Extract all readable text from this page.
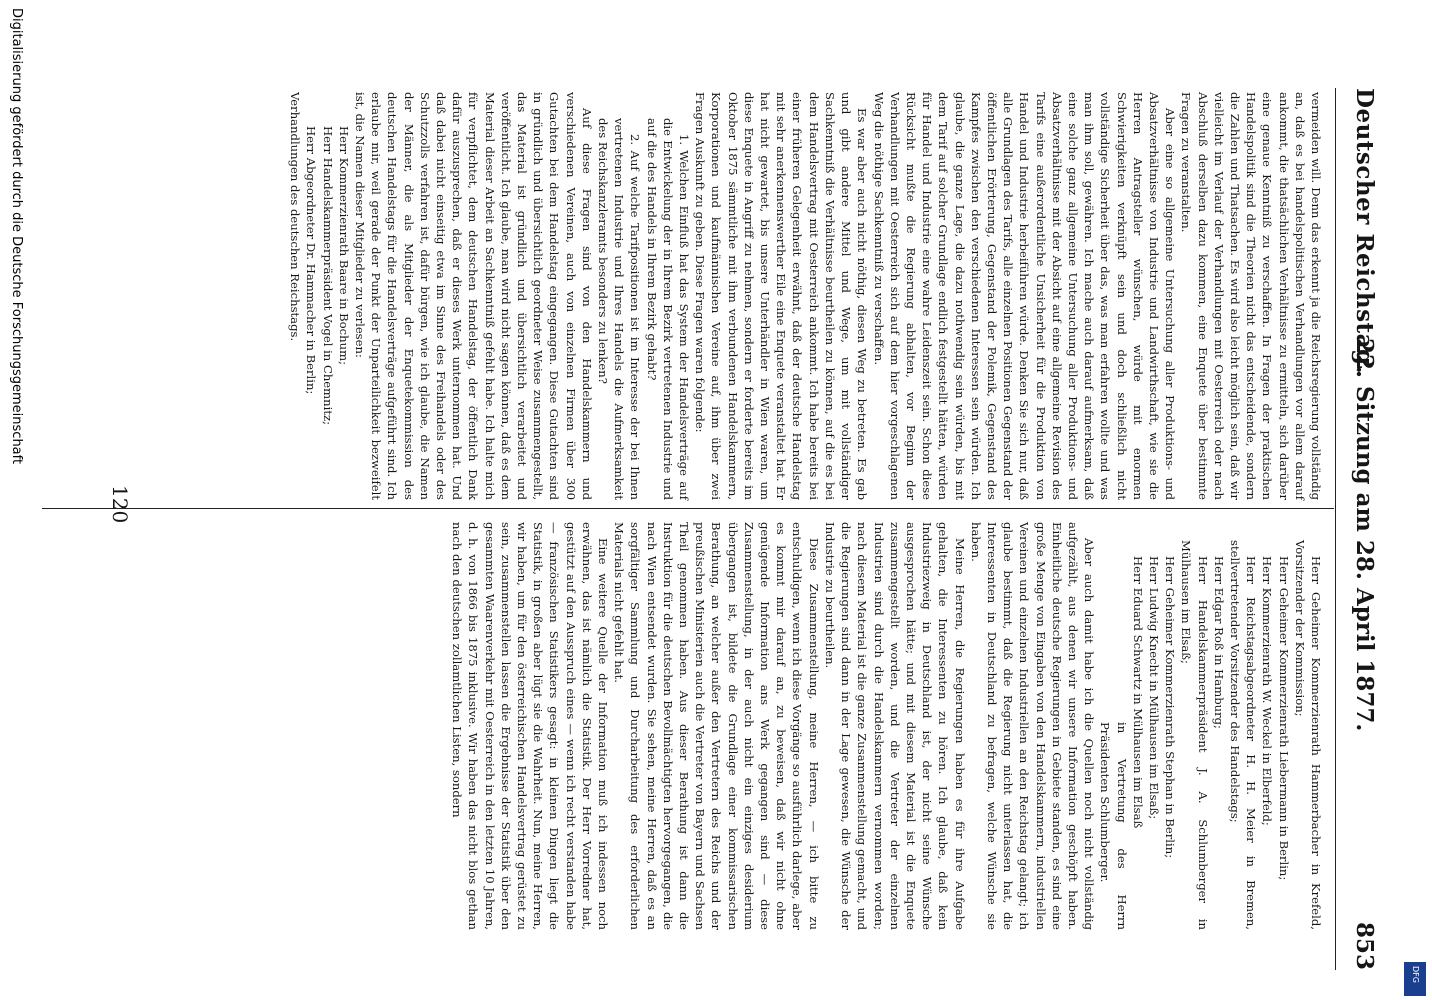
Deutscher Reichstag.
22. Sitzung am 28. April 1877.
853

vermeiden will. Denn das erkennt ja die Reichsregierung vollständig an, daß es bei handelspolitischen Verhandlungen vor allem darauf ankommt, die thatsächlichen Verhältnisse zu ermitteln, sich darüber eine genaue Kenntniß zu verschaffen. In Fragen der praktischen Handelspolitik sind die Theorien nicht das entscheidende, sondern die Zahlen und Thatsachen. Es wird also leicht möglich sein, daß wir vielleicht im Verlauf der Verhandlungen mit Oesterreich oder nach Abschluß derselben dazu kommen, eine Enquete über bestimmte Fragen zu veranstalten.

Aber eine so allgemeine Untersuchung aller Produktions- und Absatzverhältnisse von Industrie und Landwirthschaft, wie sie die Herren Antragsteller wünschen, würde mit enormen Schwierigkeiten verknüpft sein und doch schließlich nicht vollständige Sicherheit über das, was man erfahren wollte und was man ihm soll, gewähren. Ich mache auch darauf aufmerksam, daß eine solche ganz allgemeine Untersuchung aller Produktions- und Absatzverhältnisse mit der Absicht auf eine allgemeine Revision des Tarifs eine außerordentliche Unsicherheit für die Produktion von Handel und Industrie herbeiführen würde. Denken Sie sich nur, daß alle Grundlagen des Tarifs, alle einzelnen Positionen Gegenstand der öffentlichen Erörterung, Gegenstand der Polemik, Gegenstand des Kampfes zwischen den verschiedenen Interessen sein würden. Ich glaube, die ganze Lage, die dazu nothwendig sein würden, bis mit dem Tarif auf solcher Grundlage endlich festgestellt hätten, würden für Handel und Industrie eine wahre Leidenszeit sein. Schon diese Rücksicht mußte die Regierung abhalten, vor Beginn der Verhandlungen mit Oesterreich sich auf dem hier vorgeschlagenen Weg die nöthige Sachkenntniß zu verschaffen.

Es war aber auch nicht nöthig, diesen Weg zu betreten. Es gab und gibt andere Mittel und Wege, um mit vollständiger Sachkenntniß die Verhältnisse beurtheilen zu können, auf die es bei dem Handelsvertrag mit Oesterreich ankommt. Ich habe bereits bei einer früheren Gelegenheit erwähnt, daß der deutsche Handelstag mit sehr anerkennenswerther Eile eine Enquete veranstaltet hat. Er hat nicht gewartet, bis unsere Unterhändler in Wien waren, um diese Enquete in Angriff zu nehmen, sondern er forderte bereits im Oktober 1875 sämmtliche mit ihm verbundenen Handelskammern, Korporationen und kaufmännischen Vereine auf, ihm über zwei Fragen Auskunft zu geben. Diese Fragen waren folgende:

1. Welchen Einfluß hat das System der Handelsverträge auf die Entwickelung der in Ihrem Bezirk vertretenen Industrie und auf die des Handels in Ihrem Bezirk gehabt?

2. Auf welche Tarifpositionen ist im Interesse der bei Ihnen vertretenen Industrie und Ihres Handels die Aufmerksamkeit des Reichskanzleramts besonders zu lenken?

Auf diese Fragen sind von den Handelskammern und verschiedenen Vereinen, auch von einzelnen Firmen über 300 Gutachten bei dem Handelstag eingegangen. Diese Gutachten sind in gründlich und übersichtlich geordneter Weise zusammengestellt, das Material ist gründlich und übersichtlich verarbeitet und veröffentlicht. Ich glaube, man wird nicht sagen können, daß es dem Material dieser Arbeit an Sachkenntniß gefehlt habe. Ich halte mich für verpflichtet, dem deutschen Handelstag, der öffentlich Dank dafür auszusprechen, daß er dieses Werk unternommen hat. Und daß dabei nicht einseitig etwa im Sinne des Freihandels oder des Schutzzolls verfahren ist, dafür bürgen, wie ich glaube, die Namen der Männer, die als Mitglieder der Enquetekommission des deutschen Handelstags für die Handelsverträge aufgeführt sind. Ich erlaube mir, weil gerade der Punkt der Unparteilichkeit bezweifelt ist, die Namen dieser Mitglieder zu verlesen:

Herr Kommerzienrath Baare in Bochum;

Herr Handelskammerpräsident Vogel in Chemnitz;

Herr Abgeordneter Dr. Hammacher in Berlin;

Verhandlungen des deutschen Reichstags.

Herr Geheimer Kommerzienrath Hammerbacher in Krefeld, Vorsitzender der Kommission;

Herr Geheimer Kommerzienrath Liebermann in Berlin;

Herr Kommerzienrath W. Weckel in Elberfeld;

Herr Reichstagsabgeordneter H. H. Meier in Bremen, stellvertretender Vorsitzender des Handelstags;

Herr Edgar Roß in Hamburg;

Herr Handelskammerpräsident J. A. Schlumberger in Mülhausen im Elsaß;

Herr Geheimer Kommerzienrath Stephan in Berlin;

Herr Ludwig Knecht in Mülhausen im Elsaß;

Herr Eduard Schwartz in Mülhausen im Elsaß

in Vertretung des Herrn Präsidenten Schlumberger.

Aber auch damit habe ich die Quellen noch nicht vollständig aufgezählt, aus denen wir unsere Information geschöpft haben. Einheitliche deutsche Regierungen in Gebiete standen, es sind eine große Menge von Eingaben von den Handelskammern, industriellen Vereinen und einzelnen Industriellen an den Reichstag gelangt; ich glaube bestimmt, daß die Regierung nicht unterlassen hat, die Interessenten in Deutschland zu befragen, welche Wünsche sie haben.

Meine Herren, die Regierungen haben es für ihre Aufgabe gehalten, die Interessenten zu hören. Ich glaube, daß kein Industriezweig in Deutschland ist, der nicht seine Wünsche ausgesprochen hätte; und mit diesem Material ist die Enquete zusammengestellt worden, und die Vertreter der einzelnen Industrien sind durch die Handelskammern vernommen worden; nach diesem Material ist die ganze Zusammenstellung gemacht, und die Regierungen sind dann in der Lage gewesen, die Wünsche der Industrie zu beurtheilen.

Diese Zusammenstellung, meine Herren, — ich bitte zu entschuldigen, wenn ich diese Vorgänge so ausführlich darlege, aber es kommt mir darauf an, zu beweisen, daß wir nicht ohne genügende Information ans Werk gegangen sind — diese Zusammenstellung, in der auch nicht ein einziges desiderium übergangen ist, bildete die Grundlage einer kommissarischen Berathung, an welcher außer den Vertretern des Reichs und der preußischen Ministerien auch die Vertreter von Bayern und Sachsen Theil genommen haben. Aus dieser Berathung ist dann die Instruktion für die deutschen Bevollmächtigten hervorgegangen, die nach Wien entsendet wurden. Sie sehen, meine Herren, daß es an sorgfältiger Sammlung und Durcharbeitung des erforderlichen Materials nicht gefehlt hat.

Eine weitere Quelle der Information muß ich indessen noch erwähnen, das ist nämlich die Statistik. Der Herr Vorredner hat, gestützt auf den Ausspruch eines — wenn ich recht verstanden habe — französischen Statistikers gesagt: in kleinen Dingen liegt die Statistik, in großen aber lügt sie die Wahrheit. Nun, meine Herren, wir haben, um für den österreichischen Handelsvertrag gerüstet zu sein, zusammenstellen lassen die Ergebnisse der Statistik über den gesammten Waarenverkehr mit Oesterreich in den letzten 10 Jahren, d. h. von 1866 bis 1875 inklusive. Wir haben das nicht blos gethan nach den deutschen zollamtlichen Listen, sondern

120
Digitalisierung gefördert durch die Deutsche Forschungsgemeinschaft
DFG
